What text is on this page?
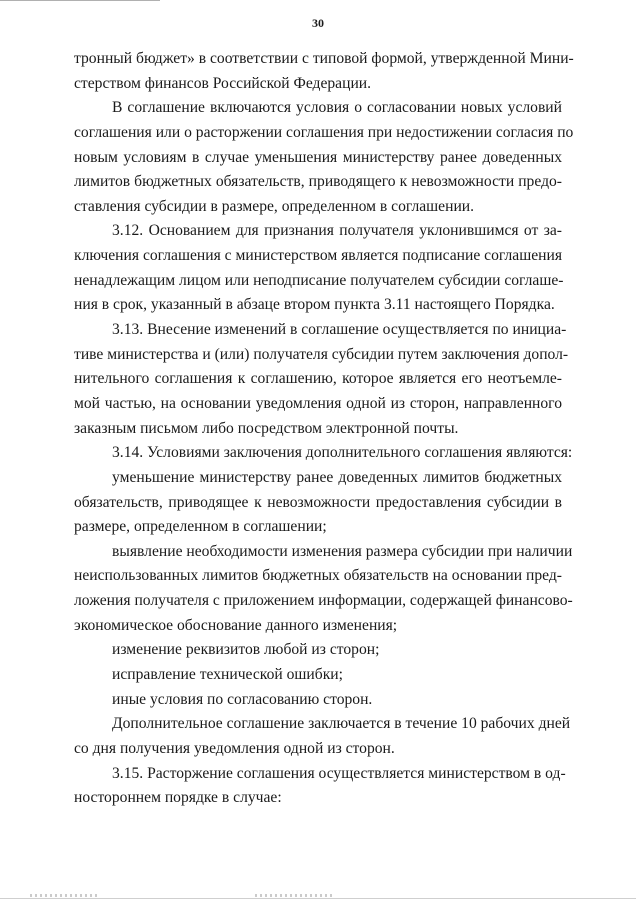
30
тронный бюджет» в соответствии с типовой формой, утвержденной Мини-
стерством финансов Российской Федерации.
В соглашение включаются условия о согласовании новых условий
соглашения или о расторжении соглашения при недостижении согласия по
новым условиям в случае уменьшения министерству ранее доведенных
лимитов бюджетных обязательств, приводящего к невозможности предо-
ставления субсидии в размере, определенном в соглашении.
3.12. Основанием для признания получателя уклонившимся от за-
ключения соглашения с министерством является подписание соглашения
ненадлежащим лицом или неподписание получателем субсидии соглаше-
ния в срок, указанный в абзаце втором пункта 3.11 настоящего Порядка.
3.13. Внесение изменений в соглашение осуществляется по инициа-
тиве министерства и (или) получателя субсидии путем заключения допол-
нительного соглашения к соглашению, которое является его неотъемле-
мой частью, на основании уведомления одной из сторон, направленного
заказным письмом либо посредством электронной почты.
3.14. Условиями заключения дополнительного соглашения являются:
уменьшение министерству ранее доведенных лимитов бюджетных
обязательств, приводящее к невозможности предоставления субсидии в
размере, определенном в соглашении;
выявление необходимости изменения размера субсидии при наличии
неиспользованных лимитов бюджетных обязательств на основании пред-
ложения получателя с приложением информации, содержащей финансово-
экономическое обоснование данного изменения;
изменение реквизитов любой из сторон;
исправление технической ошибки;
иные условия по согласованию сторон.
Дополнительное соглашение заключается в течение 10 рабочих дней
со дня получения уведомления одной из сторон.
3.15. Расторжение соглашения осуществляется министерством в од-
ностороннем порядке в случае:
